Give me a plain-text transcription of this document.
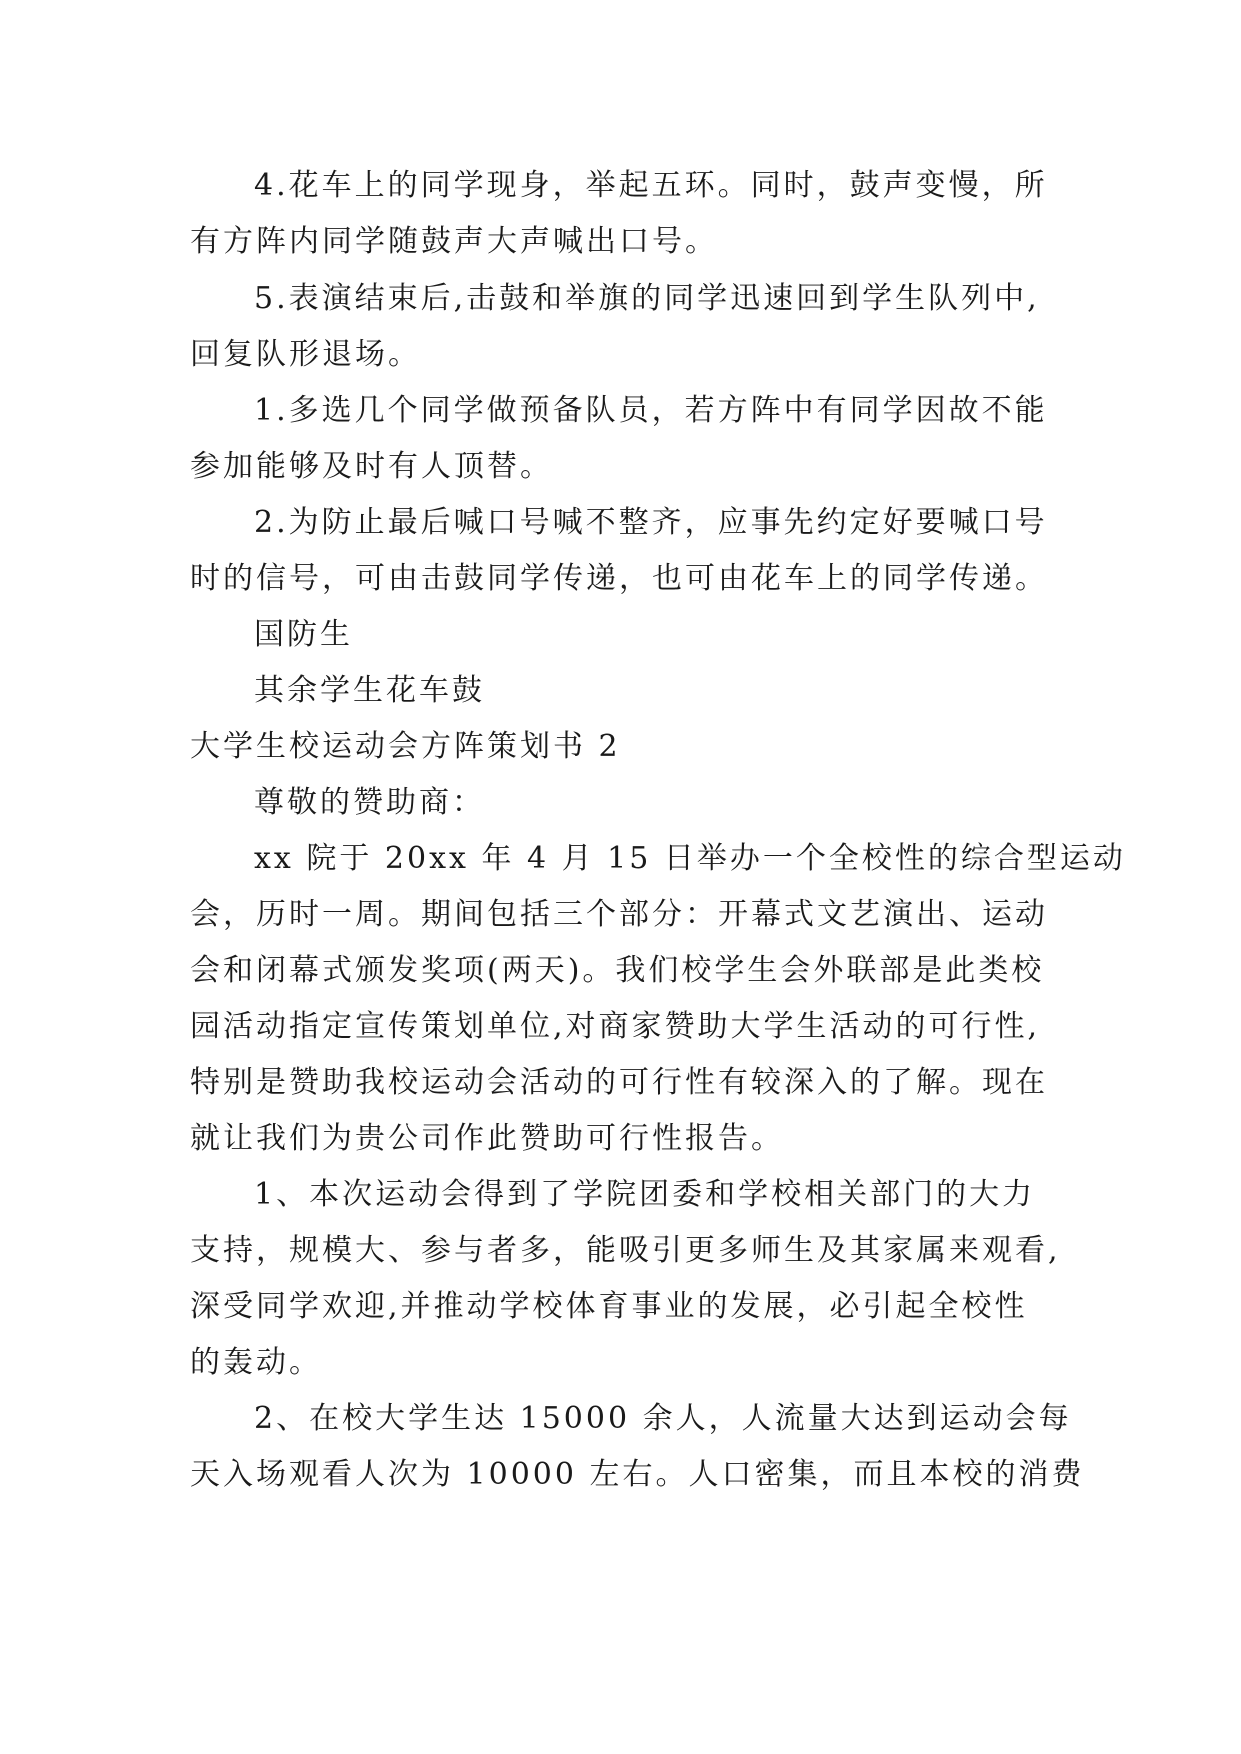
4.花车上的同学现身，举起五环。同时，鼓声变慢，所
有方阵内同学随鼓声大声喊出口号。
5.表演结束后,击鼓和举旗的同学迅速回到学生队列中,
回复队形退场。
1.多选几个同学做预备队员，若方阵中有同学因故不能
参加能够及时有人顶替。
2.为防止最后喊口号喊不整齐，应事先约定好要喊口号
时的信号，可由击鼓同学传递，也可由花车上的同学传递。
国防生
其余学生花车鼓
大学生校运动会方阵策划书 2
尊敬的赞助商：
xx 院于 20xx 年 4 月 15 日举办一个全校性的综合型运动
会，历时一周。期间包括三个部分：开幕式文艺演出、运动
会和闭幕式颁发奖项(两天)。我们校学生会外联部是此类校
园活动指定宣传策划单位,对商家赞助大学生活动的可行性,
特别是赞助我校运动会活动的可行性有较深入的了解。现在
就让我们为贵公司作此赞助可行性报告。
1、本次运动会得到了学院团委和学校相关部门的大力
支持，规模大、参与者多，能吸引更多师生及其家属来观看,
深受同学欢迎,并推动学校体育事业的发展，必引起全校性
的轰动。
2、在校大学生达 15000 余人，人流量大达到运动会每
天入场观看人次为 10000 左右。人口密集，而且本校的消费
